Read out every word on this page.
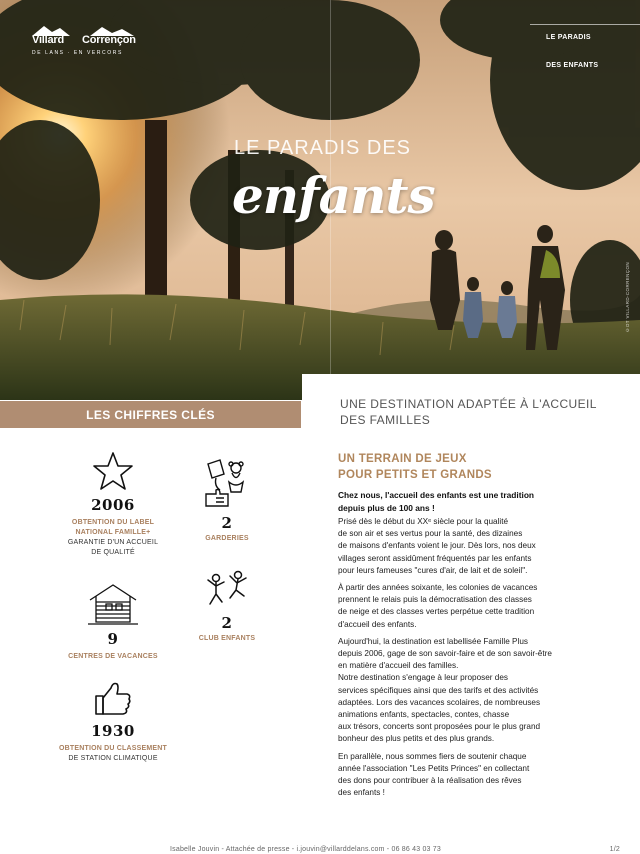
Villard Corrençon
DE LANS · EN VERCORS
LE PARADIS
DES ENFANTS
LE PARADIS DES
enfants
©OT VILLARD-CORRENÇON
LES CHIFFRES CLÉS
2006
OBTENTION DU LABEL
NATIONAL FAMILLE+
GARANTIE D'UN ACCUEIL
DE QUALITÉ
2
GARDERIES
9
CENTRES DE VACANCES
2
CLUB ENFANTS
1930
OBTENTION DU CLASSEMENT
DE STATION CLIMATIQUE
UNE DESTINATION ADAPTÉE À L'ACCUEIL
DES FAMILLES
UN TERRAIN DE JEUX
POUR PETITS ET GRANDS
Chez nous, l'accueil des enfants est une tradition
depuis plus de 100 ans !

Prisé dès le début du XXᵉ siècle pour la qualité
de son air et ses vertus pour la santé, des dizaines
de maisons d'enfants voient le jour. Dès lors, nos deux
villages seront assidûment fréquentés par les enfants
pour leurs fameuses "cures d'air, de lait et de soleil".

À partir des années soixante, les colonies de vacances
prennent le relais puis la démocratisation des classes
de neige et des classes vertes perpétue cette tradition
d'accueil des enfants.

Aujourd'hui, la destination est labellisée Famille Plus
depuis 2006, gage de son savoir-faire et de son savoir-être
en matière d'accueil des familles.

Notre destination s'engage à leur proposer des
services spécifiques ainsi que des tarifs et des activités
adaptées. Lors des vacances scolaires, de nombreuses
animations enfants, spectacles, contes, chasse
aux trésors, concerts sont proposées pour le plus grand
bonheur des plus petits et des plus grands.

En parallèle, nous sommes fiers de soutenir chaque
année l'association "Les Petits Princes" en collectant
des dons pour contribuer à la réalisation des rêves
des enfants !

Isabelle Jouvin - Attachée de presse - i.jouvin@villarddelans.com - 06 86 43 03 73	1/2
